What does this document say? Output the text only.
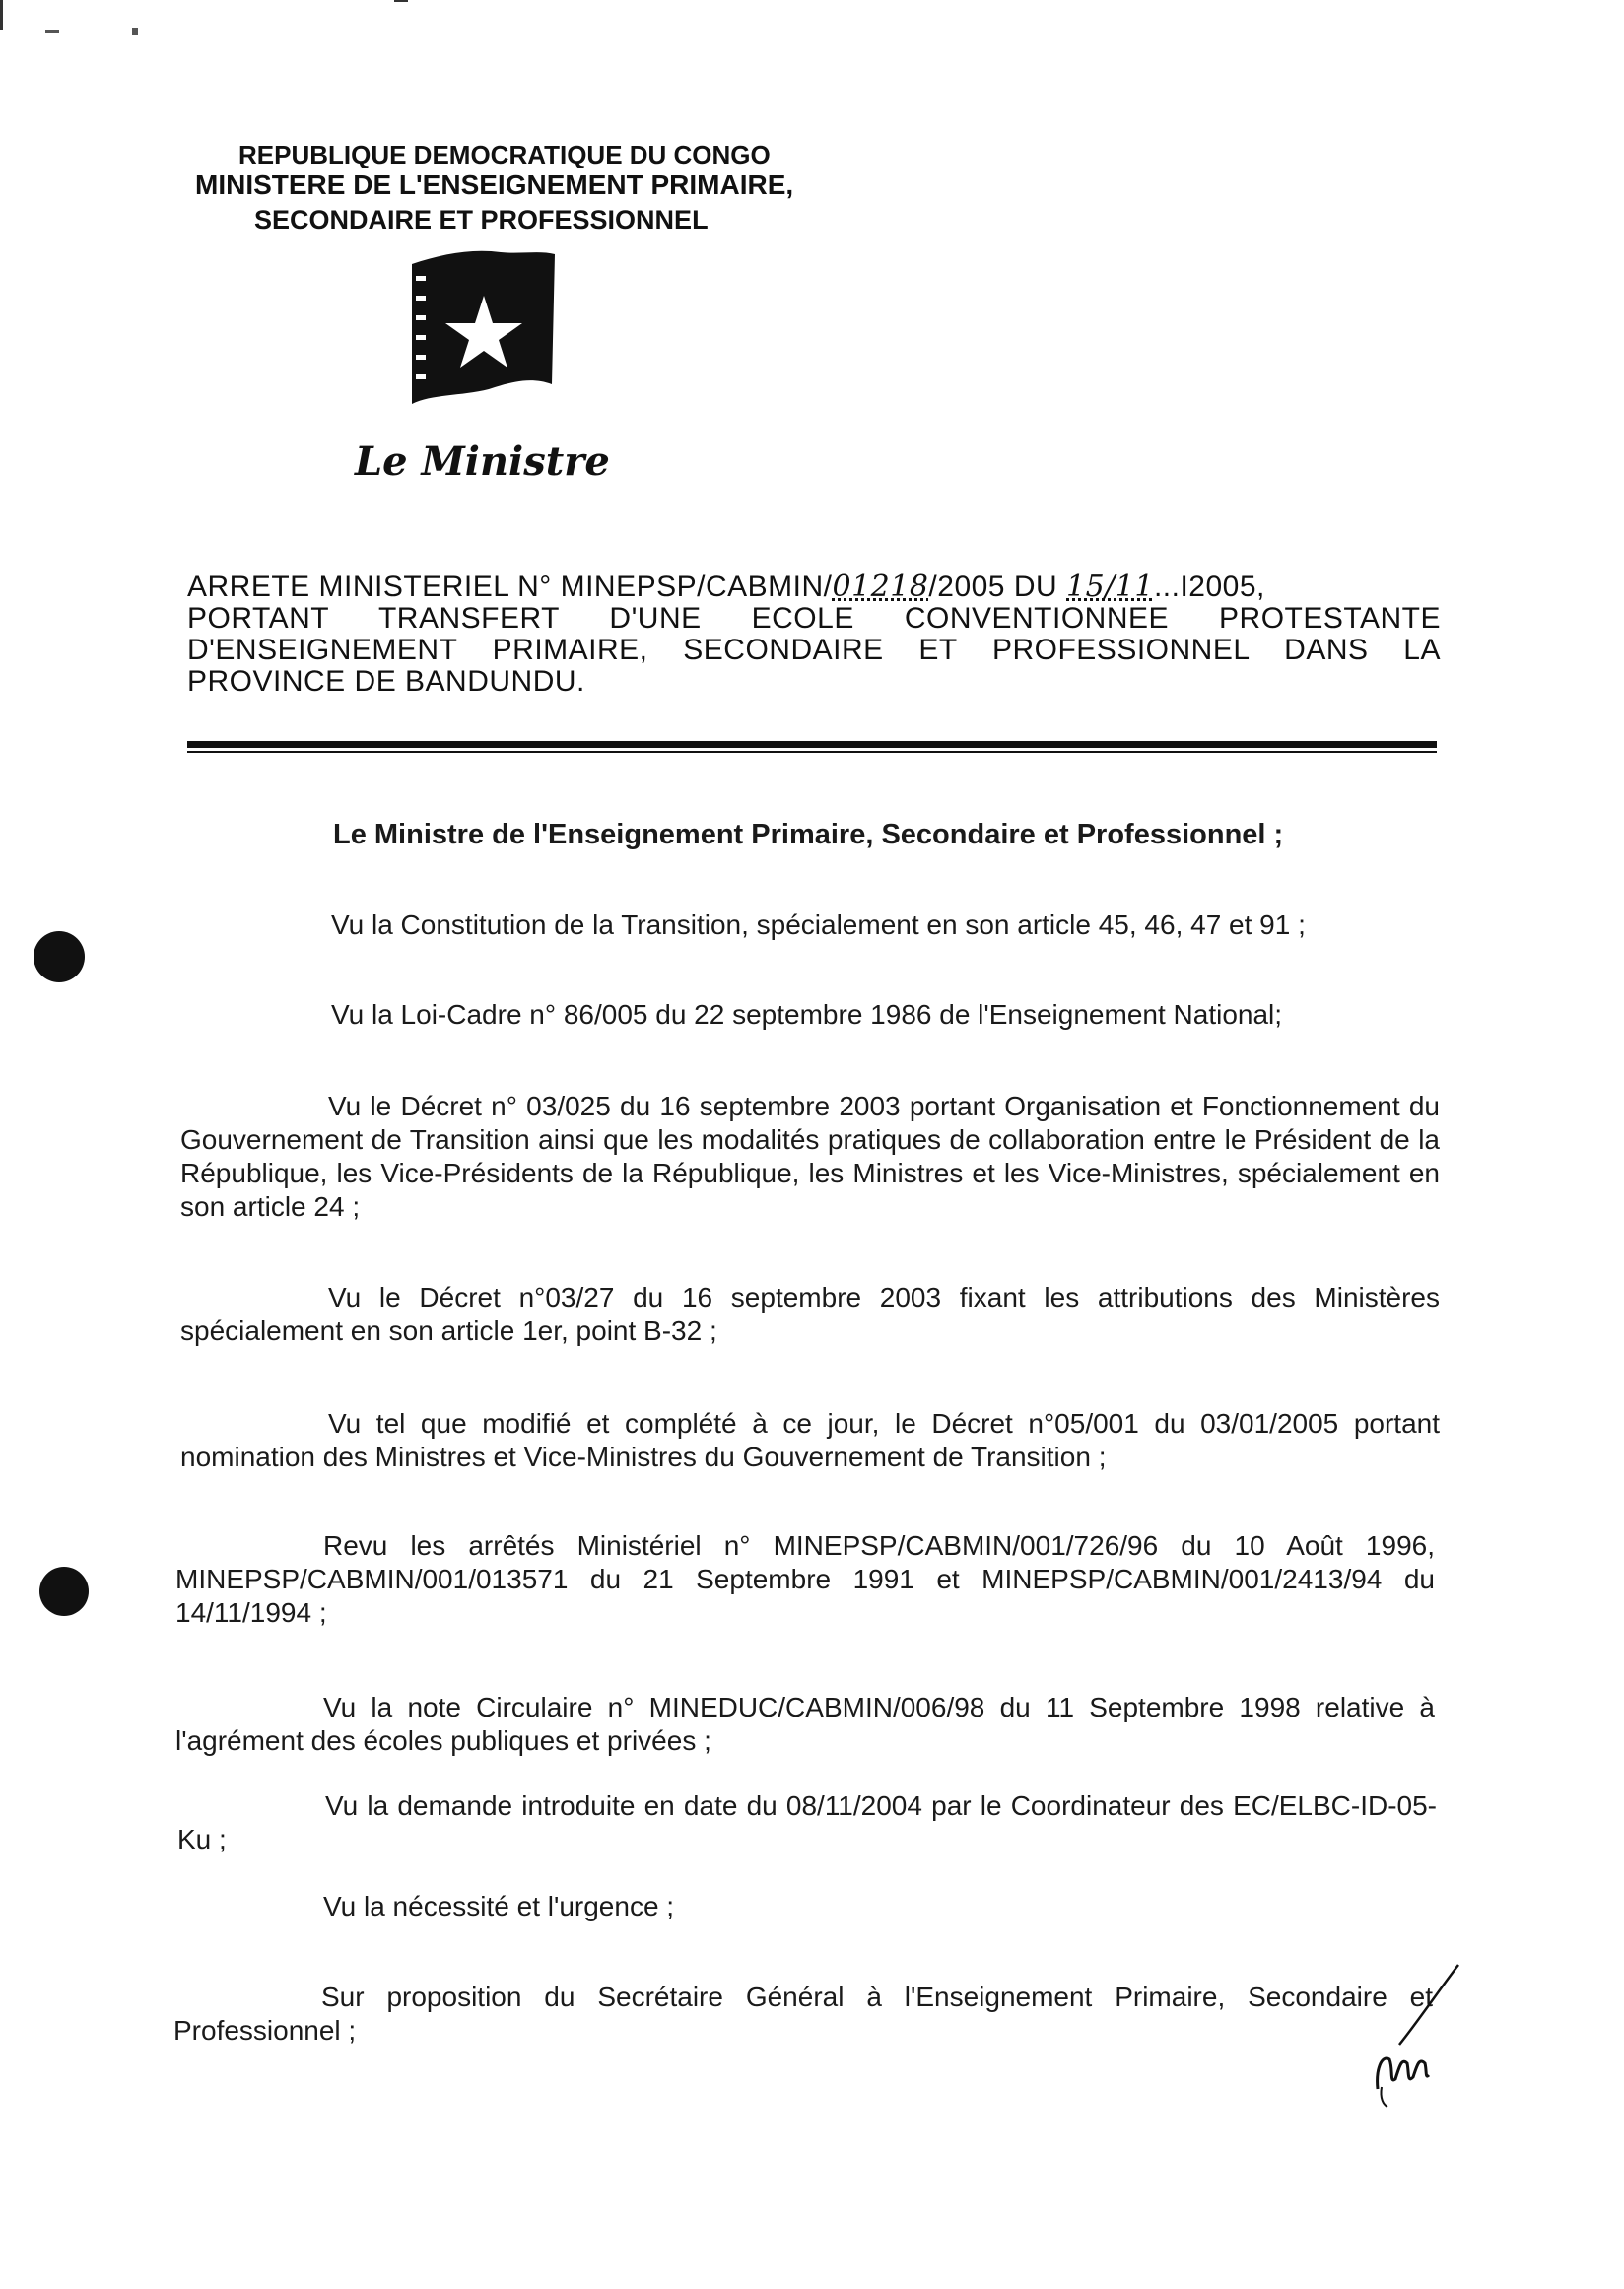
REPUBLIQUE DEMOCRATIQUE DU CONGO
MINISTERE DE L'ENSEIGNEMENT PRIMAIRE,
SECONDAIRE ET PROFESSIONNEL
Le Ministre
ARRETE MINISTERIEL N° MINEPSP/CABMIN/01218/2005 DU 15/11...I2005,
PORTANT TRANSFERT D'UNE ECOLE CONVENTIONNEE PROTESTANTE
D'ENSEIGNEMENT PRIMAIRE, SECONDAIRE ET PROFESSIONNEL DANS LA
PROVINCE DE BANDUNDU.
Le Ministre de l'Enseignement Primaire, Secondaire et Professionnel ;
Vu la Constitution de la Transition, spécialement en son article 45, 46, 47 et 91 ;
Vu la Loi-Cadre n° 86/005 du 22 septembre 1986 de l'Enseignement National;
Vu le Décret n° 03/025 du 16 septembre 2003 portant Organisation et Fonctionnement du Gouvernement de Transition ainsi que les modalités pratiques de collaboration entre le Président de la République, les Vice-Présidents de la République, les Ministres et les Vice-Ministres, spécialement en son article 24 ;
Vu le Décret n°03/27 du 16 septembre 2003 fixant les attributions des Ministères spécialement en son article 1er, point B-32 ;
Vu tel que modifié et complété à ce jour, le Décret n°05/001 du 03/01/2005 portant nomination des Ministres et Vice-Ministres du Gouvernement de Transition ;
Revu les arrêtés Ministériel n° MINEPSP/CABMIN/001/726/96 du 10 Août 1996, MINEPSP/CABMIN/001/013571 du 21 Septembre 1991 et MINEPSP/CABMIN/001/2413/94 du 14/11/1994 ;
Vu la note Circulaire n° MINEDUC/CABMIN/006/98 du 11 Septembre 1998 relative à l'agrément des écoles publiques et privées ;
Vu la demande introduite en date du 08/11/2004 par le Coordinateur des EC/ELBC-ID-05-Ku ;
Vu la nécessité et l'urgence ;
Sur proposition du Secrétaire Général à l'Enseignement Primaire, Secondaire et Professionnel ;
